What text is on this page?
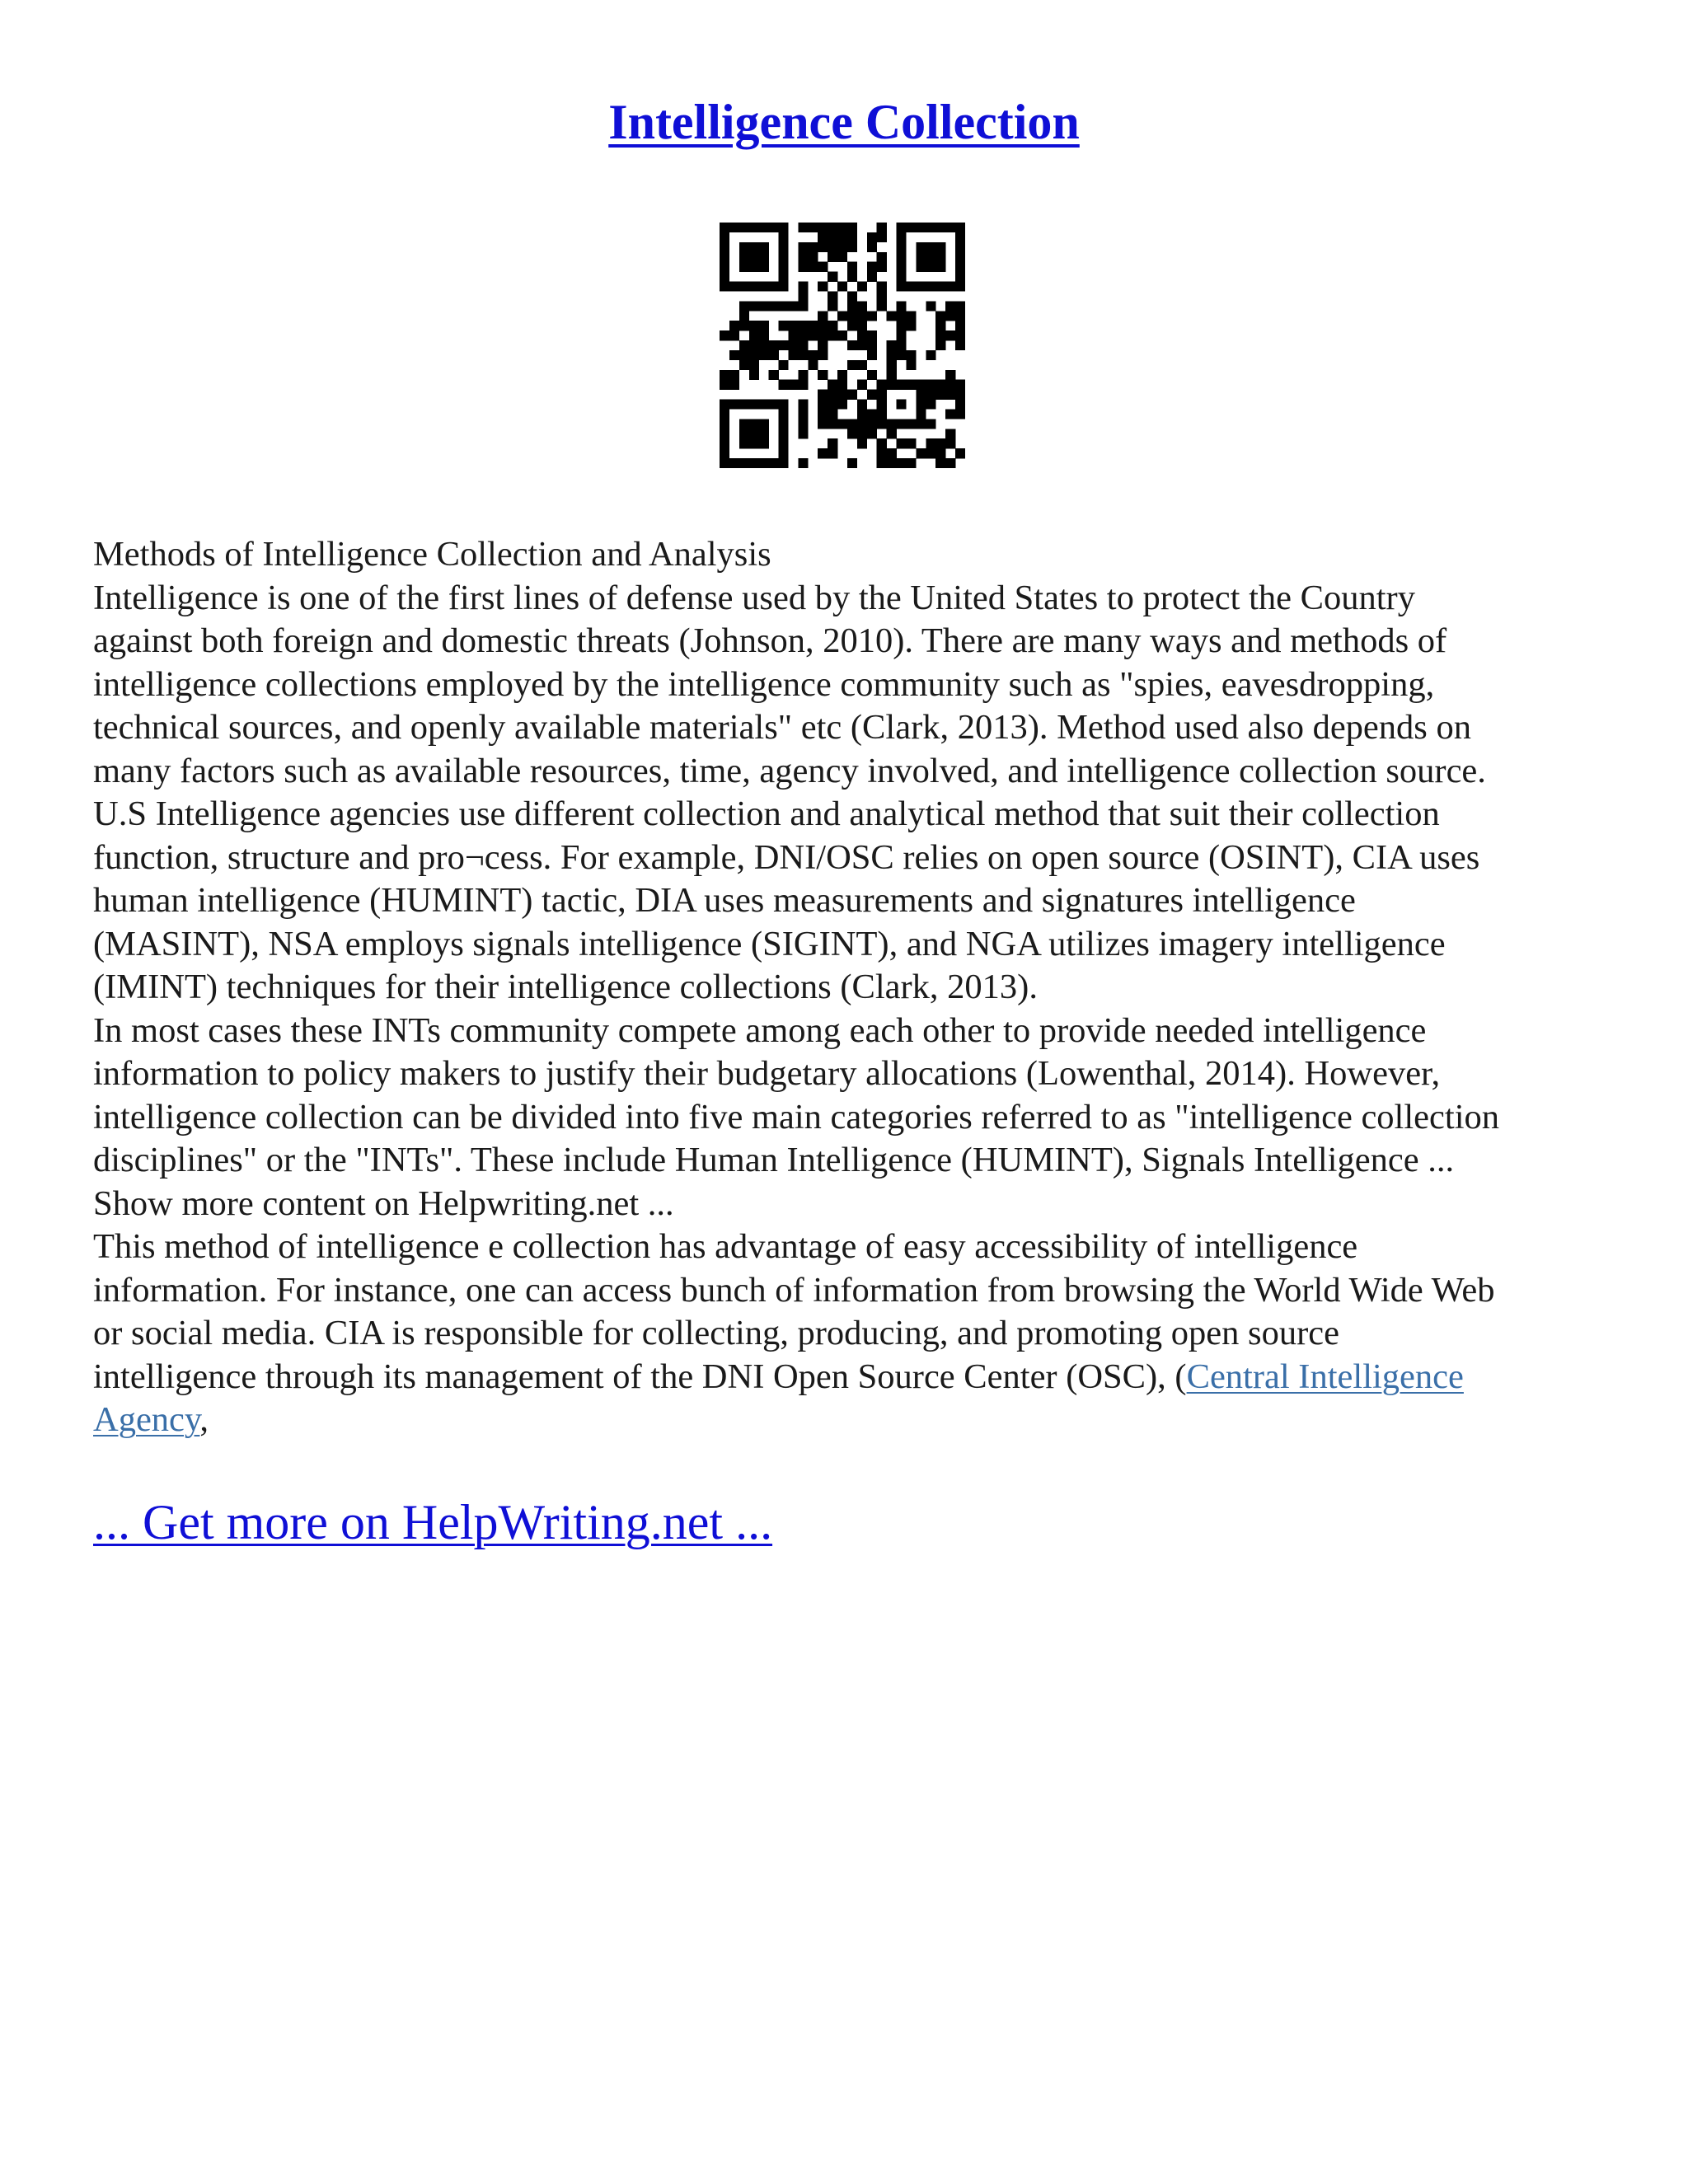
Intelligence Collection

Methods of Intelligence Collection and Analysis

Intelligence is one of the first lines of defense used by the United States to protect the Country

against both foreign and domestic threats (Johnson, 2010). There are many ways and methods of

intelligence collections employed by the intelligence community such as "spies, eavesdropping,

technical sources, and openly available materials" etc (Clark, 2013). Method used also depends on

many factors such as available resources, time, agency involved, and intelligence collection source.

U.S Intelligence agencies use different collection and analytical method that suit their collection

function, structure and pro¬cess. For example, DNI/OSC relies on open source (OSINT), CIA uses

human intelligence (HUMINT) tactic, DIA uses measurements and signatures intelligence

(MASINT), NSA employs signals intelligence (SIGINT), and NGA utilizes imagery intelligence

(IMINT) techniques for their intelligence collections (Clark, 2013).

In most cases these INTs community compete among each other to provide needed intelligence

information to policy makers to justify their budgetary allocations (Lowenthal, 2014). However,

intelligence collection can be divided into five main categories referred to as "intelligence collection

disciplines" or the "INTs". These include Human Intelligence (HUMINT), Signals Intelligence ...

Show more content on Helpwriting.net ...

This method of intelligence e collection has advantage of easy accessibility of intelligence

information. For instance, one can access bunch of information from browsing the World Wide Web

or social media. CIA is responsible for collecting, producing, and promoting open source

intelligence through its management of the DNI Open Source Center (OSC), (Central Intelligence

Agency,

... Get more on HelpWriting.net ...
